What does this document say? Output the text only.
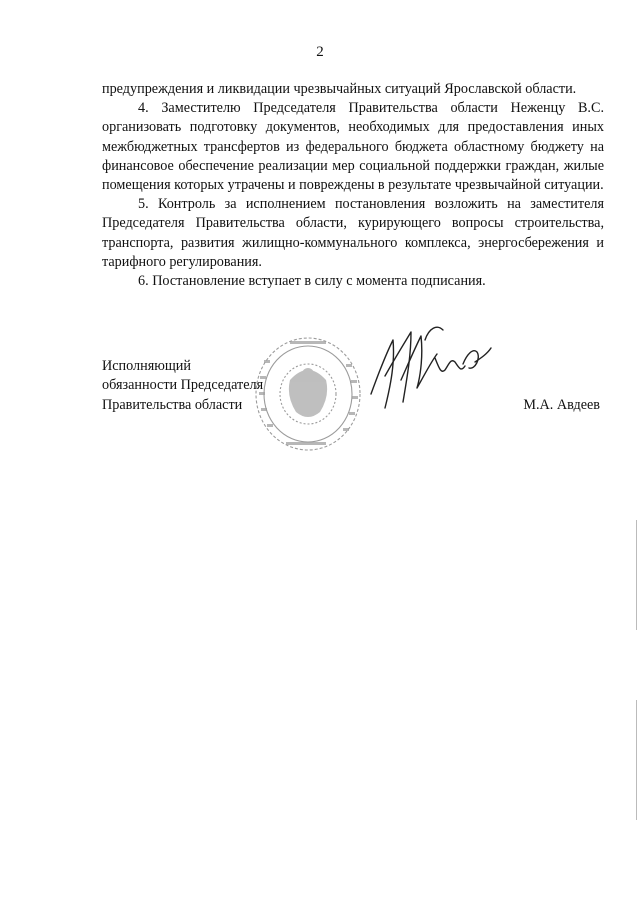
2

предупреждения и ликвидации чрезвычайных ситуаций Ярославской области.

4. Заместителю Председателя Правительства области Неженцу В.С. организовать подготовку документов, необходимых для предоставления иных межбюджетных трансфертов из федерального бюджета областному бюджету на финансовое обеспечение реализации мер социальной поддержки граждан, жилые помещения которых утрачены и повреждены в результате чрезвычайной ситуации.

5. Контроль за исполнением постановления возложить на заместителя Председателя Правительства области, курирующего вопросы строительства, транспорта, развития жилищно-коммунального комплекса, энергосбережения и тарифного регулирования.

6. Постановление вступает в силу с момента подписания.

Исполняющий
обязанности Председателя
Правительства области	М.А. Авдеев
